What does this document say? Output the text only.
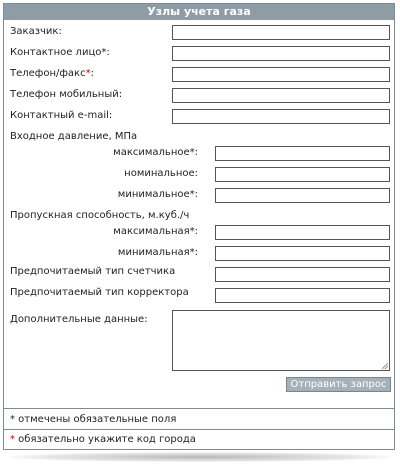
Узлы учета газа
Заказчик:
Контактное лицо*:
Телефон/факс*:
Телефон мобильный:
Контактный e-mail:
Входное давление, МПа
максимальное*:
номинальное:
минимальное*:
Пропускная способность, м.куб./ч
максимальная*:
минимальная*:
Предпочитаемый тип счетчика
Предпочитаемый тип корректора
Дополнительные данные:
Отправить запрос
* отмечены обязательные поля
* обязательно укажите код города
